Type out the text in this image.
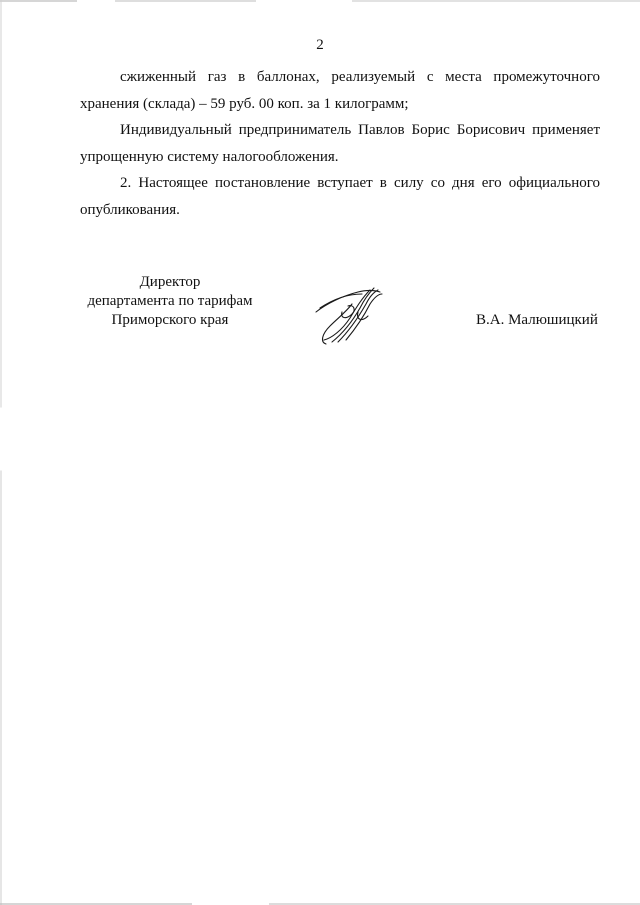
2
сжиженный газ в баллонах, реализуемый с места промежуточного
хранения (склада) – 59 руб. 00 коп. за 1 килограмм;
Индивидуальный предприниматель Павлов Борис Борисович применяет
упрощенную систему налогообложения.
2. Настоящее постановление вступает в силу со дня его официального
опубликования.
Директор
департамента по тарифам
Приморского края	В.А. Малюшицкий
